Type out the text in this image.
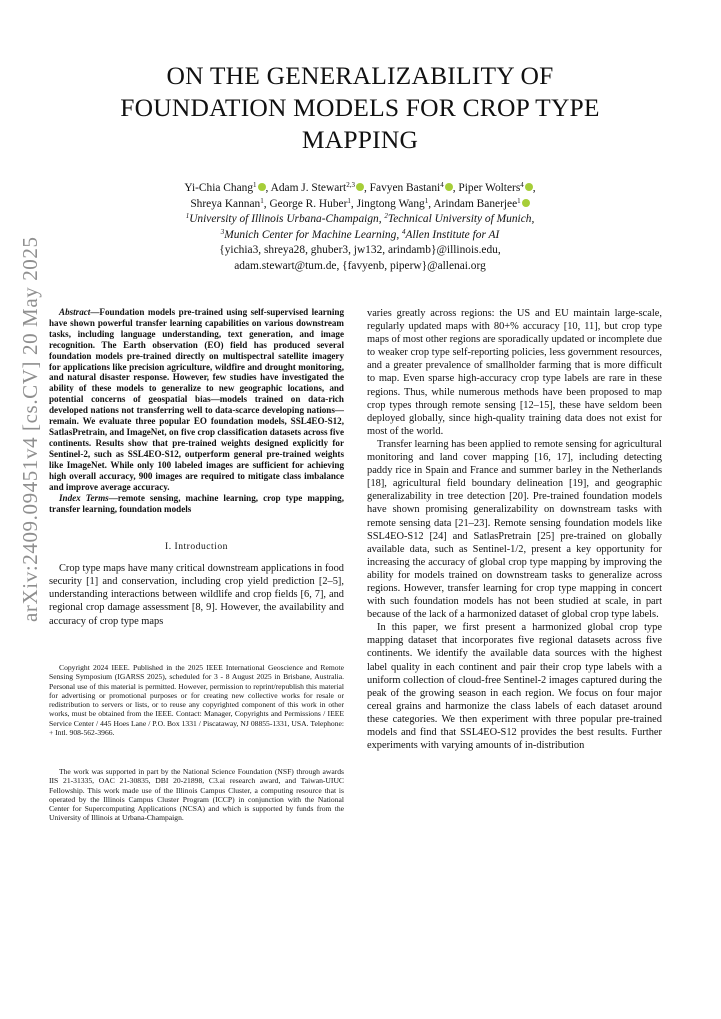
arXiv:2409.09451v4 [cs.CV] 20 May 2025
ON THE GENERALIZABILITY OF
FOUNDATION MODELS FOR CROP TYPE
MAPPING
Yi-Chia Chang$^1$ , Adam J. Stewart$^{2,3}$ , Favyen Bastani$^4$ , Piper Wolters$^4$ ,
Shreya Kannan$^1$, George R. Huber$^1$, Jingtong Wang$^1$, Arindam Banerjee$^1$
$^1$University of Illinois Urbana-Champaign, $^2$Technical University of Munich,
$^3$Munich Center for Machine Learning, $^4$Allen Institute for AI
{yichia3, shreya28, ghuber3, jw132, arindamb}@illinois.edu,
adam.stewart@tum.de, {favyenb, piperw}@allenai.org

Abstract—Foundation models pre-trained using self-supervised learning have shown powerful transfer learning capabilities on various downstream tasks, including language understanding, text generation, and image recognition. The Earth observation (EO) field has produced several foundation models pre-trained directly on multispectral satellite imagery for applications like precision agriculture, wildfire and drought monitoring, and natural disaster response. However, few studies have investigated the ability of these models to generalize to new geographic locations, and potential concerns of geospatial bias—models trained on data-rich developed nations not transferring well to data-scarce developing nations—remain. We evaluate three popular EO foundation models, SSL4EO-S12, SatlasPretrain, and ImageNet, on five crop classification datasets across five continents. Results show that pre-trained weights designed explicitly for Sentinel-2, such as SSL4EO-S12, outperform general pre-trained weights like ImageNet. While only 100 labeled images are sufficient for achieving high overall accuracy, 900 images are required to mitigate class imbalance and improve average accuracy.

Index Terms—remote sensing, machine learning, crop type mapping, transfer learning, foundation models

I. Introduction

Crop type maps have many critical downstream applications in food security [1] and conservation, including crop yield prediction [2–5], understanding interactions between wildlife and crop fields [6, 7], and regional crop damage assessment [8, 9]. However, the availability and accuracy of crop type maps

Copyright 2024 IEEE. Published in the 2025 IEEE International Geoscience and Remote Sensing Symposium (IGARSS 2025), scheduled for 3 - 8 August 2025 in Brisbane, Australia. Personal use of this material is permitted. However, permission to reprint/republish this material for advertising or promotional purposes or for creating new collective works for resale or redistribution to servers or lists, or to reuse any copyrighted component of this work in other works, must be obtained from the IEEE. Contact: Manager, Copyrights and Permissions / IEEE Service Center / 445 Hoes Lane / P.O. Box 1331 / Piscataway, NJ 08855-1331, USA. Telephone: + Intl. 908-562-3966.

The work was supported in part by the National Science Foundation (NSF) through awards IIS 21-31335, OAC 21-30835, DBI 20-21898, C3.ai research award, and Taiwan-UIUC Fellowship. This work made use of the Illinois Campus Cluster, a computing resource that is operated by the Illinois Campus Cluster Program (ICCP) in conjunction with the National Center for Supercomputing Applications (NCSA) and which is supported by funds from the University of Illinois at Urbana-Champaign.

varies greatly across regions: the US and EU maintain large-scale, regularly updated maps with 80+% accuracy [10, 11], but crop type maps of most other regions are sporadically updated or incomplete due to weaker crop type self-reporting policies, less government resources, and a greater prevalence of smallholder farming that is more difficult to map. Even sparse high-accuracy crop type labels are rare in these regions. Thus, while numerous methods have been proposed to map crop types through remote sensing [12–15], these have seldom been deployed globally, since high-quality training data does not exist for most of the world.

Transfer learning has been applied to remote sensing for agricultural monitoring and land cover mapping [16, 17], including detecting paddy rice in Spain and France and summer barley in the Netherlands [18], agricultural field boundary delineation [19], and geographic generalizability in tree detection [20]. Pre-trained foundation models have shown promising generalizability on downstream tasks with remote sensing data [21–23]. Remote sensing foundation models like SSL4EO-S12 [24] and SatlasPretrain [25] pre-trained on globally available data, such as Sentinel-1/2, present a key opportunity for increasing the accuracy of global crop type mapping by improving the ability for models trained on downstream tasks to generalize across regions. However, transfer learning for crop type mapping in concert with such foundation models has not been studied at scale, in part because of the lack of a harmonized dataset of global crop type labels.

In this paper, we first present a harmonized global crop type mapping dataset that incorporates five regional datasets across five continents. We identify the available data sources with the highest label quality in each continent and pair their crop type labels with a uniform collection of cloud-free Sentinel-2 images captured during the peak of the growing season in each region. We focus on four major cereal grains and harmonize the class labels of each dataset around these categories. We then experiment with three popular pre-trained models and find that SSL4EO-S12 provides the best results. Further experiments with varying amounts of in-distribution
